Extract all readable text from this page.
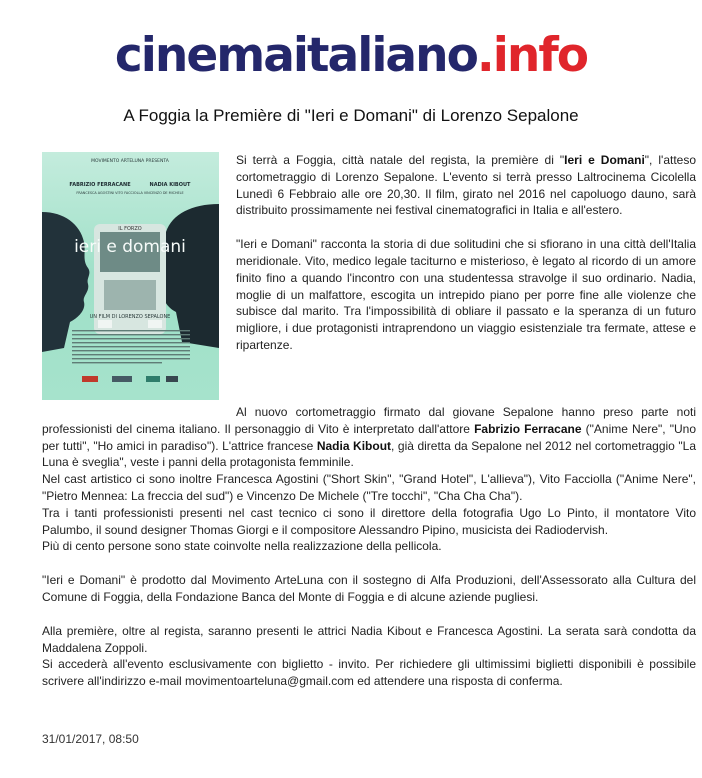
cinemaitaliano.info
A Foggia la Première di "Ieri e Domani" di Lorenzo Sepalone
IL FORZO
MOVIMENTO ARTELUNA PRESENTA
FABRIZIO FERRACANE	NADIA KIBOUT
FRANCESCA AGOSTINI VITO FACCIOLLA VINCENZO DE MICHELE
ieri e domani
UN FILM DI LORENZO SEPALONE

Si terrà a Foggia, città natale del regista, la première di "Ieri e Domani", l'atteso cortometraggio di Lorenzo Sepalone. L'evento si terrà presso Laltrocinema Cicolella Lunedì 6 Febbraio alle ore 20,30. Il film, girato nel 2016 nel capoluogo dauno, sarà distribuito prossimamente nei festival cinematografici in Italia e all'estero.

"Ieri e Domani" racconta la storia di due solitudini che si sfiorano in una città dell'Italia meridionale. Vito, medico legale taciturno e misterioso, è legato al ricordo di un amore finito fino a quando l'incontro con una studentessa stravolge il suo ordinario. Nadia, moglie di un malfattore, escogita un intrepido piano per porre fine alle violenze che subisce dal marito. Tra l'impossibilità di obliare il passato e la speranza di un futuro migliore, i due protagonisti intraprendono un viaggio esistenziale tra fermate, attese e ripartenze.

Al nuovo cortometraggio firmato dal giovane Sepalone hanno preso parte noti professionisti del cinema italiano. Il personaggio di Vito è interpretato dall'attore Fabrizio Ferracane ("Anime Nere", "Uno per tutti", "Ho amici in paradiso"). L'attrice francese Nadia Kibout, già diretta da Sepalone nel 2012 nel cortometraggio "La Luna è sveglia", veste i panni della protagonista femminile.

Nel cast artistico ci sono inoltre Francesca Agostini ("Short Skin", "Grand Hotel", L'allieva"), Vito Facciolla ("Anime Nere", "Pietro Mennea: La freccia del sud") e Vincenzo De Michele ("Tre tocchi", "Cha Cha Cha").

Tra i tanti professionisti presenti nel cast tecnico ci sono il direttore della fotografia Ugo Lo Pinto, il montatore Vito Palumbo, il sound designer Thomas Giorgi e il compositore Alessandro Pipino, musicista dei Radiodervish.

Più di cento persone sono state coinvolte nella realizzazione della pellicola.

"Ieri e Domani" è prodotto dal Movimento ArteLuna con il sostegno di Alfa Produzioni, dell'Assessorato alla Cultura del Comune di Foggia, della Fondazione Banca del Monte di Foggia e di alcune aziende pugliesi.

Alla première, oltre al regista, saranno presenti le attrici Nadia Kibout e Francesca Agostini. La serata sarà condotta da Maddalena Zoppoli.

Si accederà all'evento esclusivamente con biglietto - invito. Per richiedere gli ultimissimi biglietti disponibili è possibile scrivere all'indirizzo e-mail movimentoarteluna@gmail.com ed attendere una risposta di conferma.

31/01/2017, 08:50
